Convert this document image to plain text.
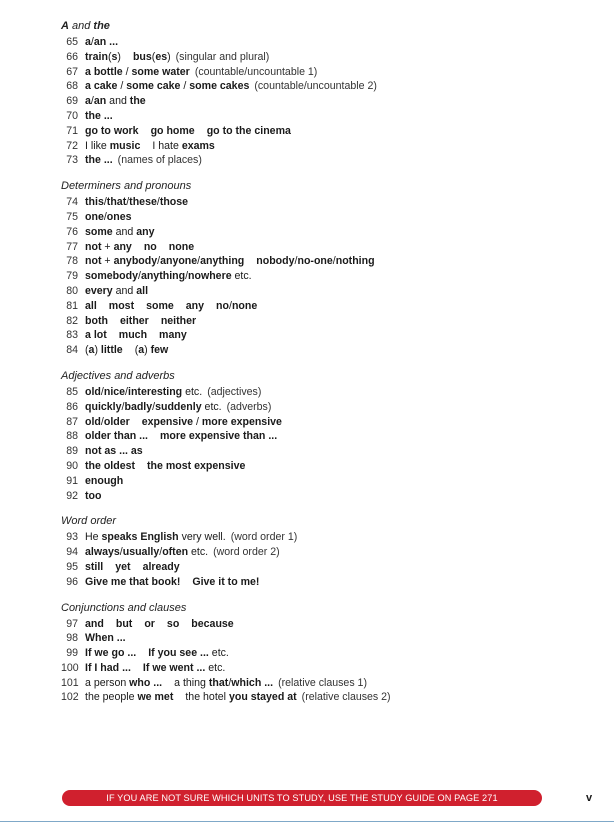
A and the
65 a/an ...
66 train(s) bus(es) (singular and plural)
67 a bottle / some water (countable/uncountable 1)
68 a cake / some cake / some cakes (countable/uncountable 2)
69 a/an and the
70 the ...
71 go to work go home go to the cinema
72 I like music I hate exams
73 the ... (names of places)
Determiners and pronouns
74 this/that/these/those
75 one/ones
76 some and any
77 not + any no none
78 not + anybody/anyone/anything nobody/no-one/nothing
79 somebody/anything/nowhere etc.
80 every and all
81 all most some any no/none
82 both either neither
83 a lot much many
84 (a) little (a) few
Adjectives and adverbs
85 old/nice/interesting etc. (adjectives)
86 quickly/badly/suddenly etc. (adverbs)
87 old/older expensive / more expensive
88 older than ... more expensive than ...
89 not as ... as
90 the oldest the most expensive
91 enough
92 too
Word order
93 He speaks English very well. (word order 1)
94 always/usually/often etc. (word order 2)
95 still yet already
96 Give me that book! Give it to me!
Conjunctions and clauses
97 and but or so because
98 When ...
99 If we go ... If you see ... etc.
100 If I had ... If we went ... etc.
101 a person who ... a thing that/which ... (relative clauses 1)
102 the people we met the hotel you stayed at (relative clauses 2)
IF YOU ARE NOT SURE WHICH UNITS TO STUDY, USE THE STUDY GUIDE ON PAGE 271	v
